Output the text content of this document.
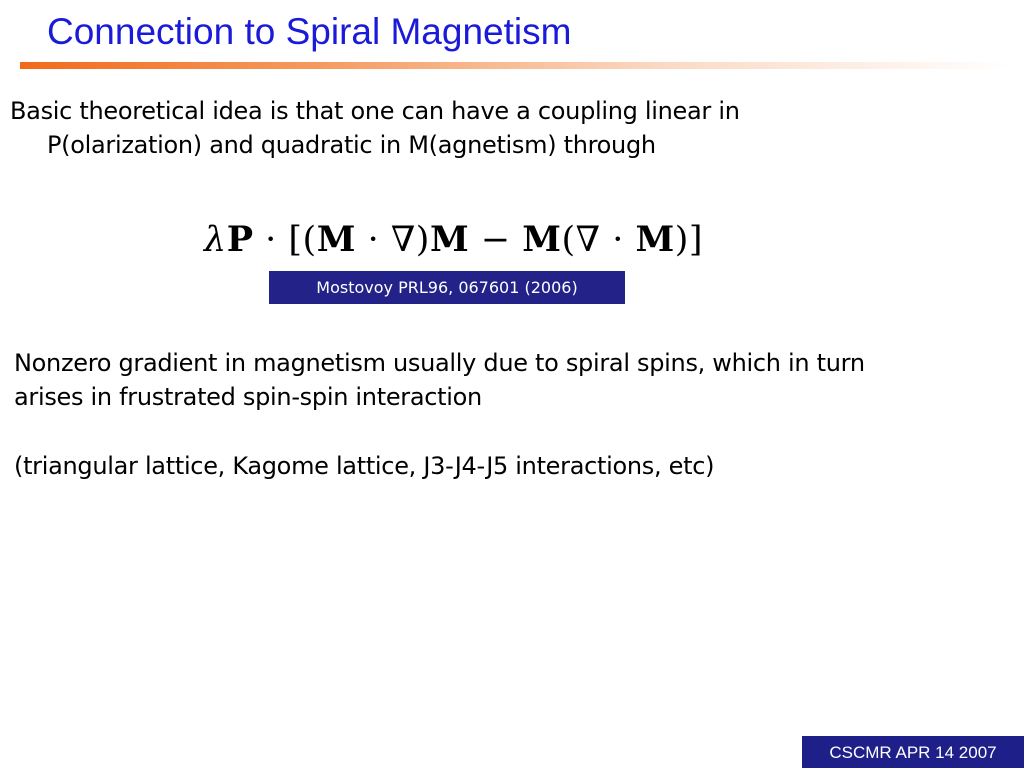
Connection to Spiral Magnetism
Basic theoretical idea is that one can have a coupling linear in
P(olarization) and quadratic in M(agnetism) through
λP · [(M · ∇)M − M(∇ · M)]
Mostovoy PRL96, 067601 (2006)
Nonzero gradient in magnetism usually due to spiral spins, which in turn
arises in frustrated spin-spin interaction
(triangular lattice, Kagome lattice, J3-J4-J5 interactions, etc)
CSCMR APR 14 2007
